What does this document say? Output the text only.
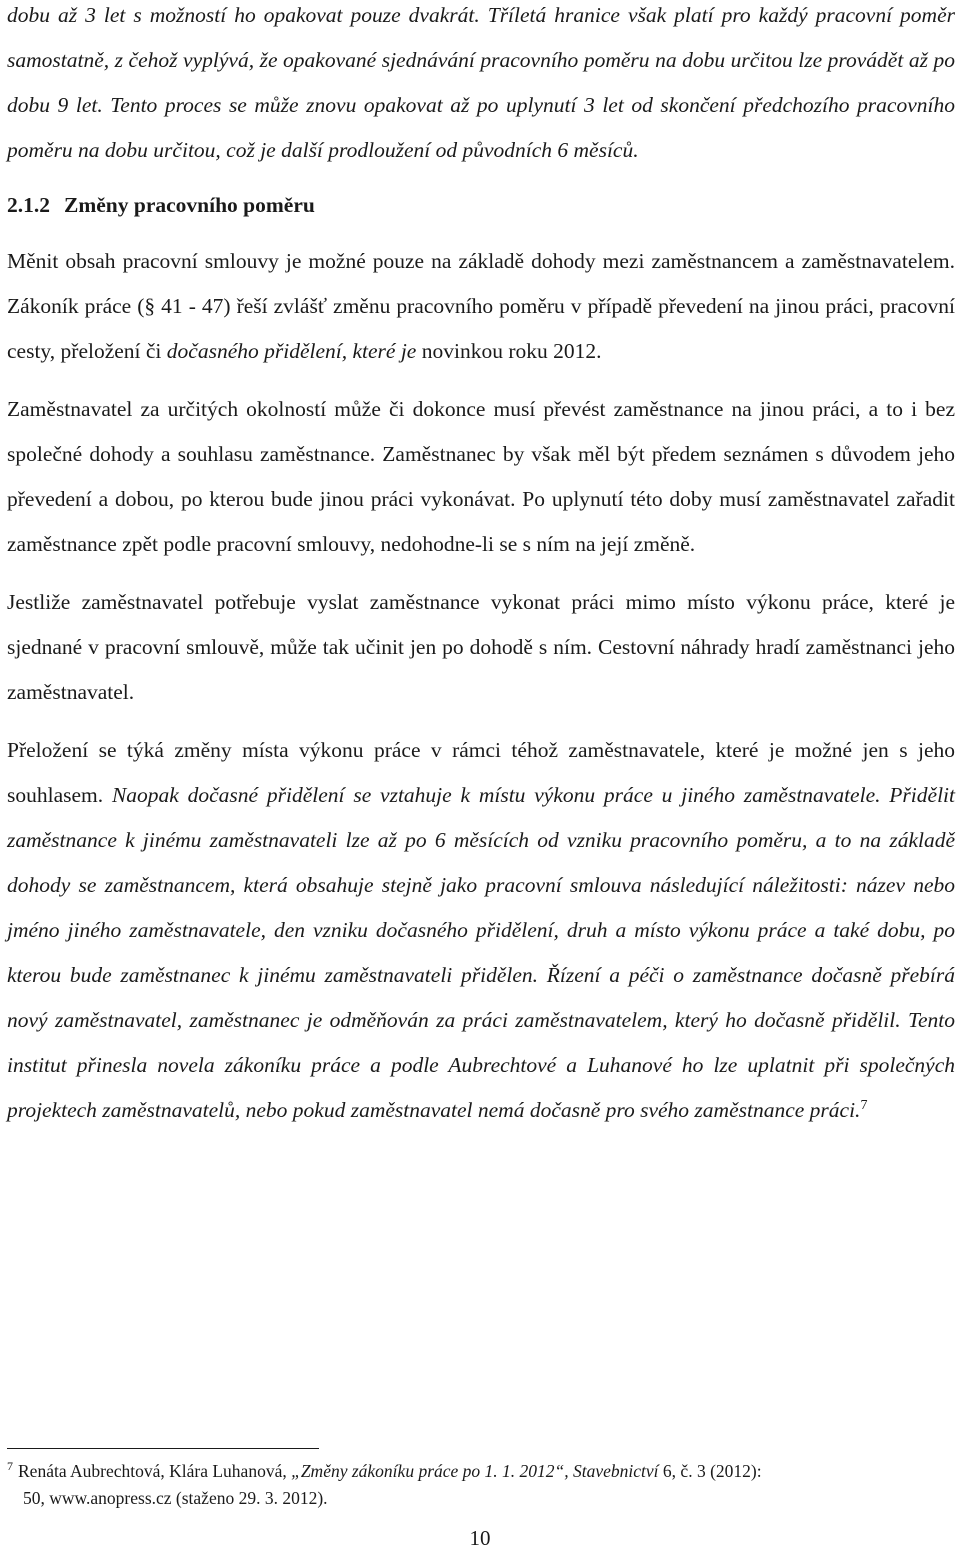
dobu až 3 let s možností ho opakovat pouze dvakrát. Tříletá hranice však platí pro každý pracovní poměr samostatně, z čehož vyplývá, že opakované sjednávání pracovního poměru na dobu určitou lze provádět až po dobu 9 let. Tento proces se může znovu opakovat až po uplynutí 3 let od skončení předchozího pracovního poměru na dobu určitou, což je další prodloužení od původních 6 měsíců.

2.1.2 Změny pracovního poměru

Měnit obsah pracovní smlouvy je možné pouze na základě dohody mezi zaměstnancem a zaměstnavatelem. Zákoník práce (§ 41 - 47) řeší zvlášť změnu pracovního poměru v případě převedení na jinou práci, pracovní cesty, přeložení či dočasného přidělení, které je novinkou roku 2012.

Zaměstnavatel za určitých okolností může či dokonce musí převést zaměstnance na jinou práci, a to i bez společné dohody a souhlasu zaměstnance. Zaměstnanec by však měl být předem seznámen s důvodem jeho převedení a dobou, po kterou bude jinou práci vykonávat. Po uplynutí této doby musí zaměstnavatel zařadit zaměstnance zpět podle pracovní smlouvy, nedohodne-li se s ním na její změně.

Jestliže zaměstnavatel potřebuje vyslat zaměstnance vykonat práci mimo místo výkonu práce, které je sjednané v pracovní smlouvě, může tak učinit jen po dohodě s ním. Cestovní náhrady hradí zaměstnanci jeho zaměstnavatel.

Přeložení se týká změny místa výkonu práce v rámci téhož zaměstnavatele, které je možné jen s jeho souhlasem. Naopak dočasné přidělení se vztahuje k místu výkonu práce u jiného zaměstnavatele. Přidělit zaměstnance k jinému zaměstnavateli lze až po 6 měsících od vzniku pracovního poměru, a to na základě dohody se zaměstnancem, která obsahuje stejně jako pracovní smlouva následující náležitosti: název nebo jméno jiného zaměstnavatele, den vzniku dočasného přidělení, druh a místo výkonu práce a také dobu, po kterou bude zaměstnanec k jinému zaměstnavateli přidělen. Řízení a péči o zaměstnance dočasně přebírá nový zaměstnavatel, zaměstnanec je odměňován za práci zaměstnavatelem, který ho dočasně přidělil. Tento institut přinesla novela zákoníku práce a podle Aubrechtové a Luhanové ho lze uplatnit při společných projektech zaměstnavatelů, nebo pokud zaměstnavatel nemá dočasně pro svého zaměstnance práci.$^7$

$^7$ Renáta Aubrechtová, Klára Luhanová, „Změny zákoníku práce po 1. 1. 2012“, Stavebnictví 6, č. 3 (2012):
50, www.anopress.cz (staženo 29. 3. 2012).
10
